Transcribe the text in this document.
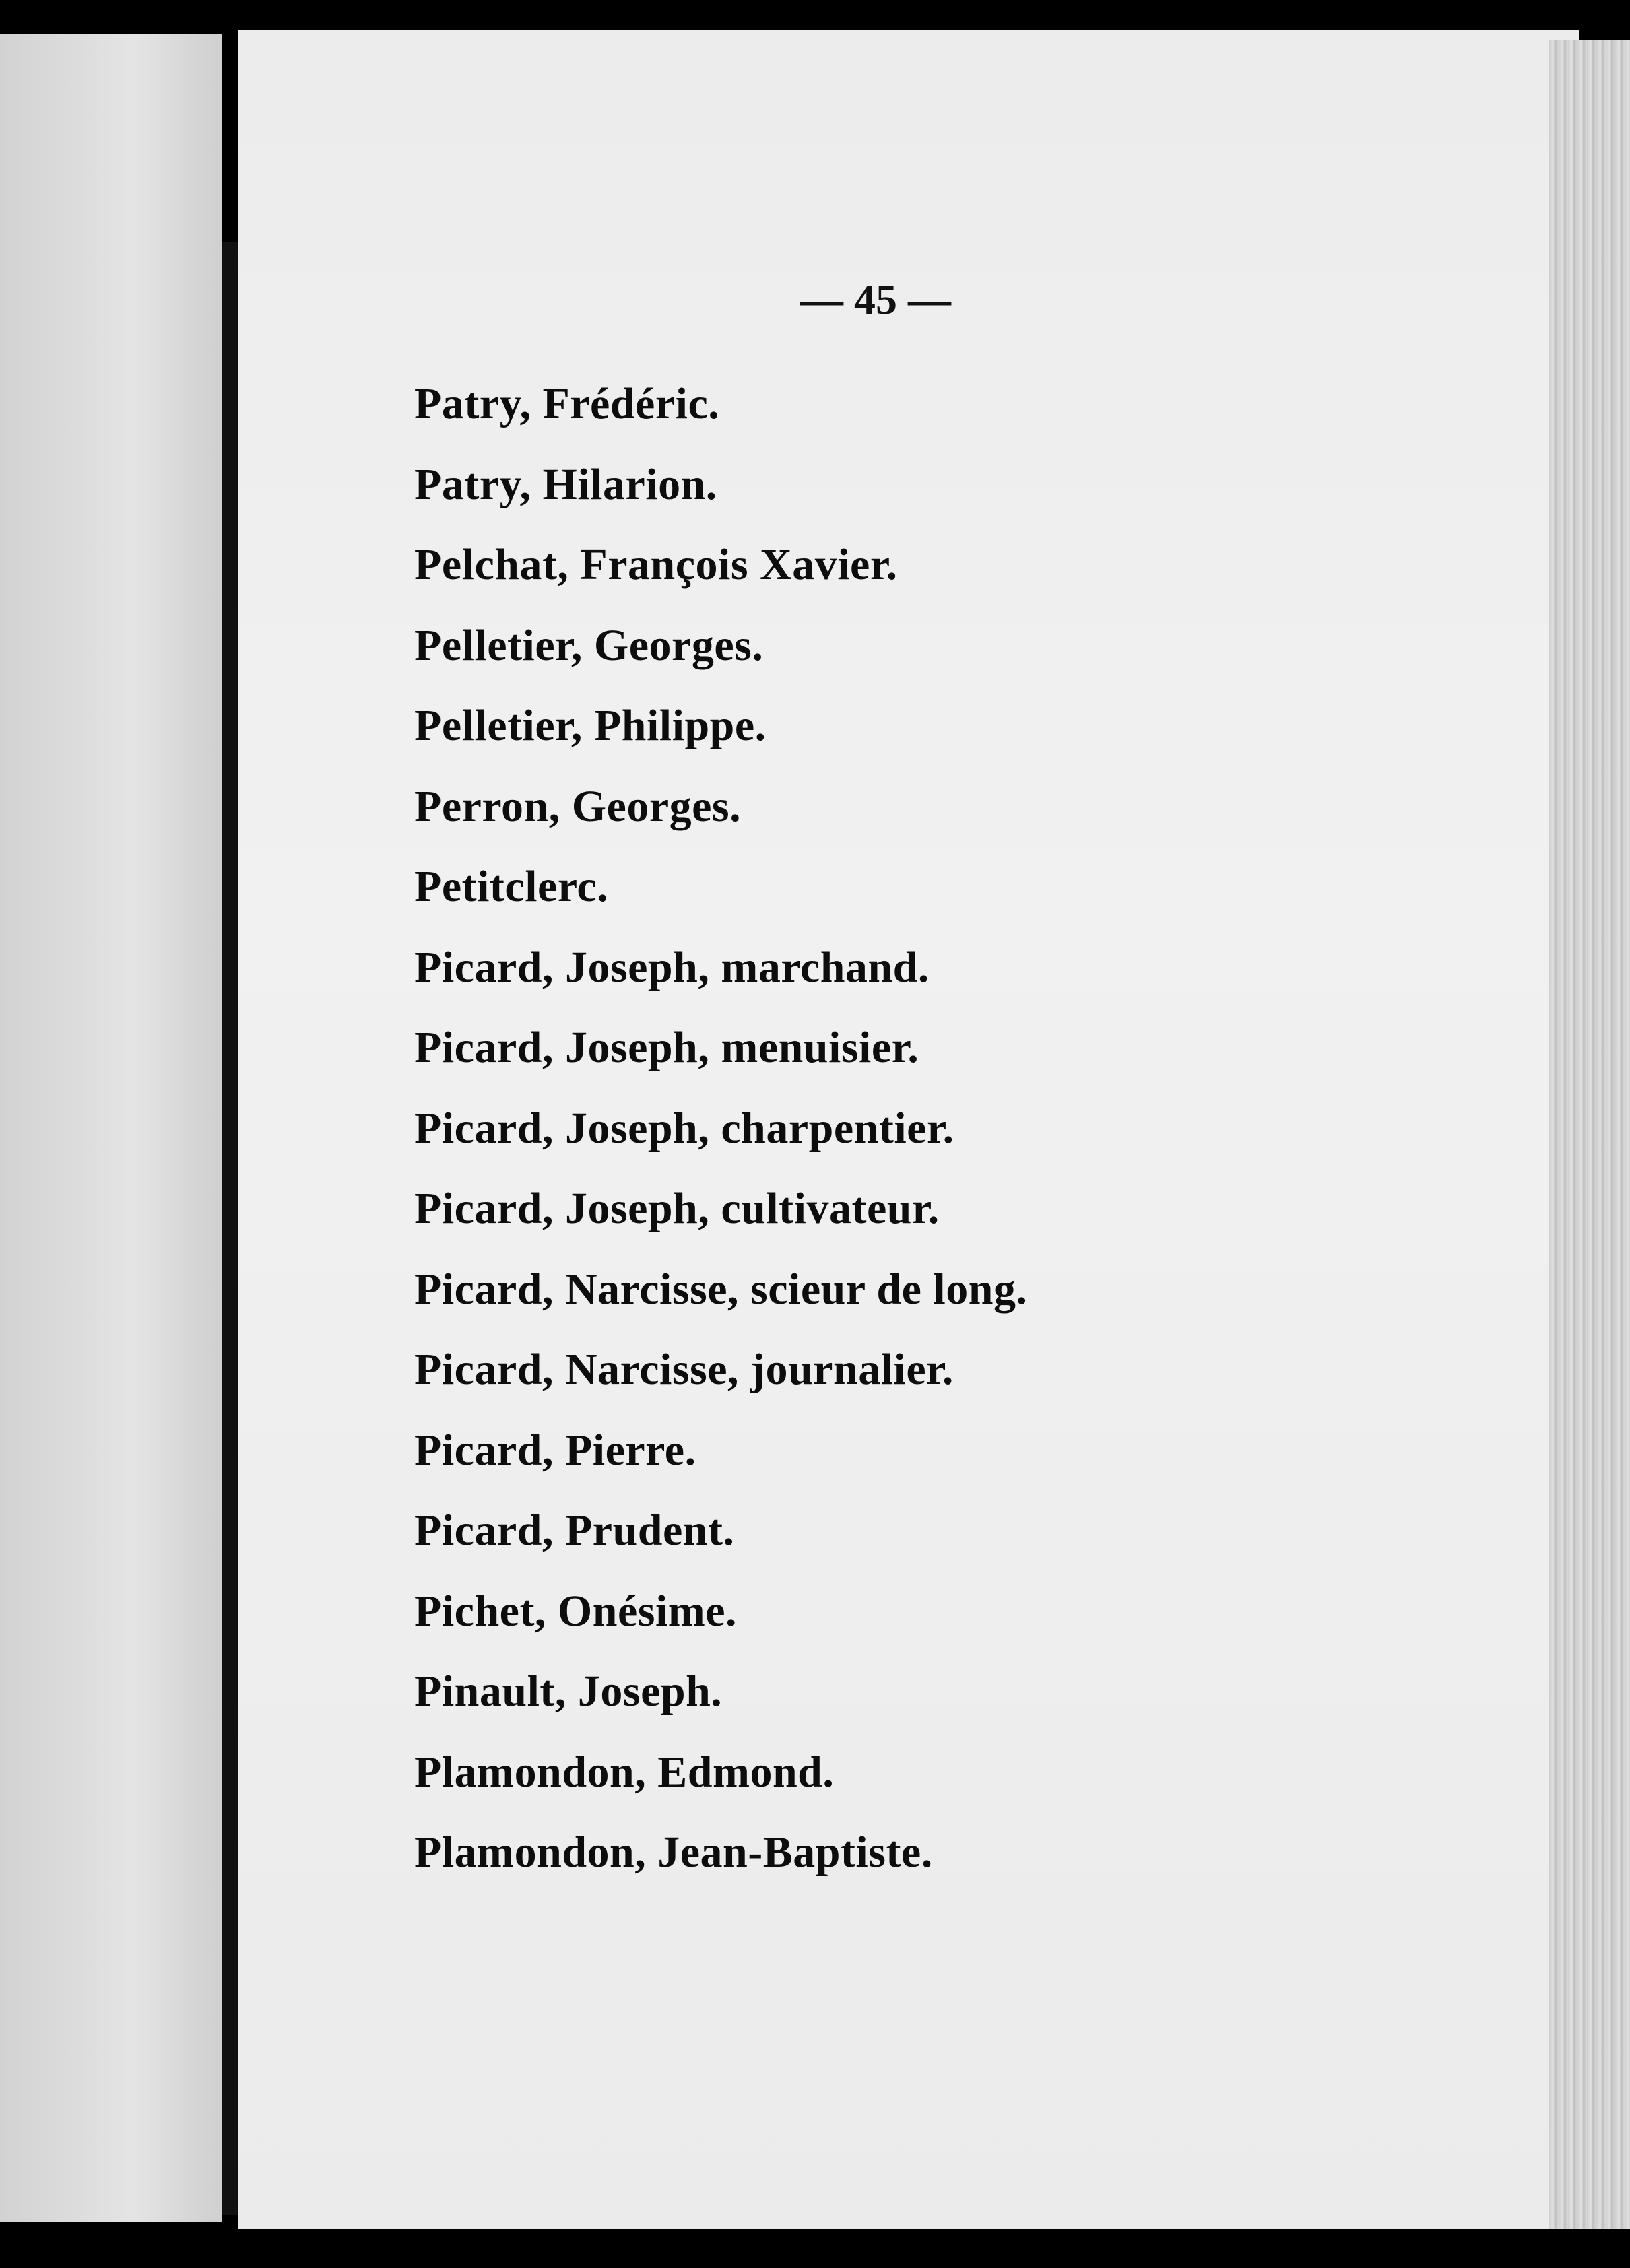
— 45 —
Patry, Frédéric.
Patry, Hilarion.
Pelchat, François Xavier.
Pelletier, Georges.
Pelletier, Philippe.
Perron, Georges.
Petitclerc.
Picard, Joseph, marchand.
Picard, Joseph, menuisier.
Picard, Joseph, charpentier.
Picard, Joseph, cultivateur.
Picard, Narcisse, scieur de long.
Picard, Narcisse, journalier.
Picard, Pierre.
Picard, Prudent.
Pichet, Onésime.
Pinault, Joseph.
Plamondon, Edmond.
Plamondon, Jean-Baptiste.
